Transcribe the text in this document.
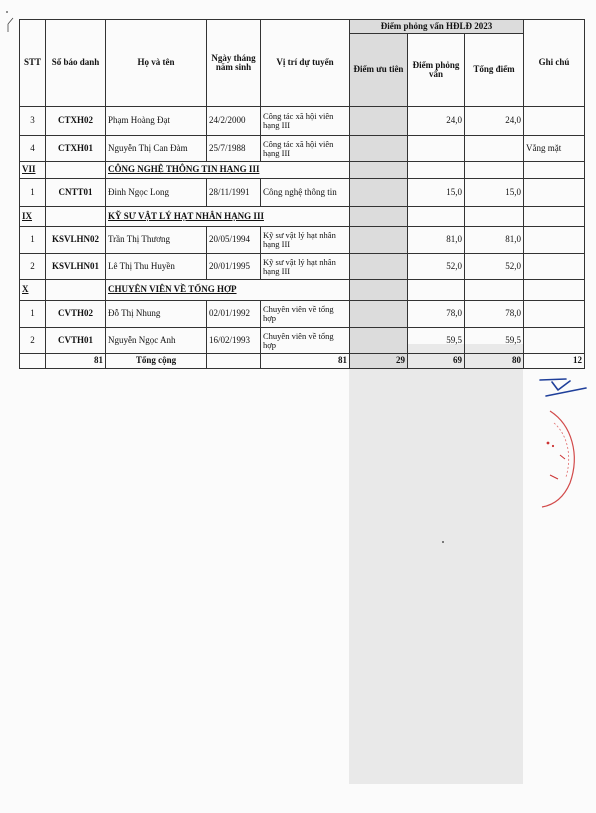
STT	Số báo danh	Họ và tên	Ngày tháng năm sinh	Vị trí dự tuyển	Điểm phỏng vấn HĐLĐ 2023			Ghi chú
					Điểm ưu tiên	Điểm phỏng vấn	Tổng điểm	
3	CTXH02	Phạm Hoàng Đạt	24/2/2000	Công tác xã hội viên hạng III		24,0	24,0	
4	CTXH01	Nguyễn Thị Can Đàm	25/7/1988	Công tác xã hội viên hạng III				Vắng mặt
VII		CÔNG NGHỆ THÔNG TIN HẠNG III						
1	CNTT01	Đinh Ngọc Long	28/11/1991	Công nghệ thông tin		15,0	15,0	
IX		KỸ SƯ VẬT LÝ HẠT NHÂN HẠNG III						
1	KSVLHN02	Trần Thị Thương	20/05/1994	Kỹ sư vật lý hạt nhân hạng III		81,0	81,0	
2	KSVLHN01	Lê Thị Thu Huyền	20/01/1995	Kỹ sư vật lý hạt nhân hạng III		52,0	52,0	
X		CHUYÊN VIÊN VỀ TỔNG HỢP						
1	CVTH02	Đỗ Thị Nhung	02/01/1992	Chuyên viên về tổng hợp		78,0	78,0	
2	CVTH01	Nguyễn Ngọc Anh	16/02/1993	Chuyên viên về tổng hợp		59,5	59,5	
	81	Tổng cộng		81	29	69	80	12
